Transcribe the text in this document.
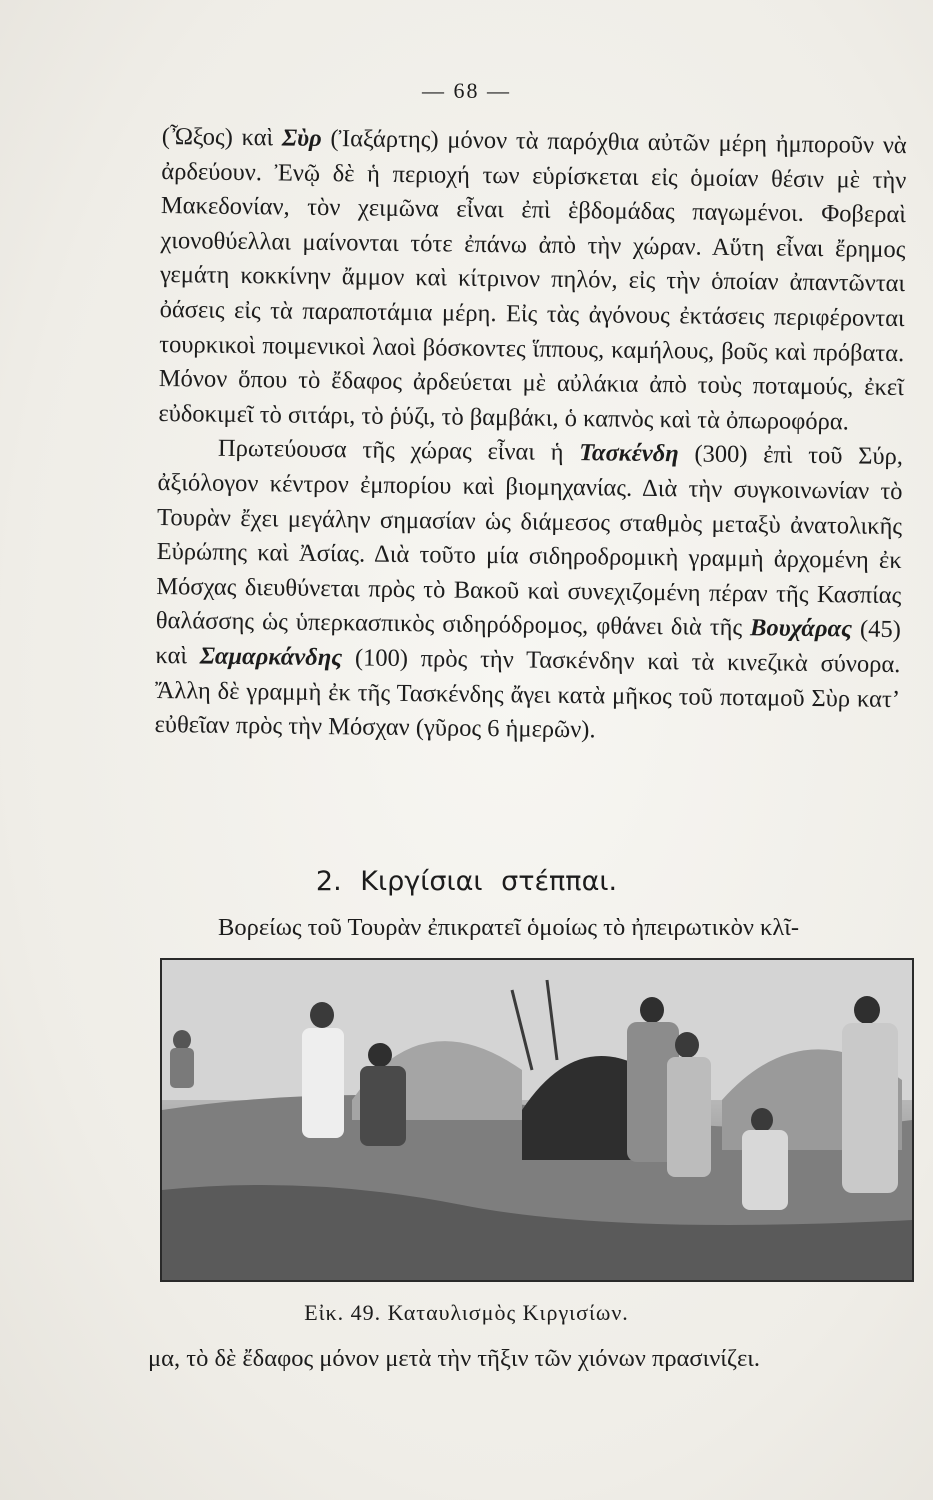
— 68 —

(Ὦξος) καὶ Σὺρ (Ἰαξάρτης) μόνον τὰ παρόχθια αὐτῶν μέρη ἠμποροῦν νὰ ἀρδεύουν. Ἐνῷ δὲ ἡ περιοχή των εὑρίσκεται εἰς ὁμοίαν θέσιν μὲ τὴν Μακεδονίαν, τὸν χειμῶνα εἶναι ἐπὶ ἑβδομάδας παγωμένοι. Φοβεραὶ χιονοθύελλαι μαίνονται τότε ἐπάνω ἀπὸ τὴν χώραν. Αὕτη εἶναι ἔρημος γεμάτη κοκκίνην ἄμμον καὶ κίτρινον πηλόν, εἰς τὴν ὁποίαν ἀπαντῶνται ὀάσεις εἰς τὰ παραποτάμια μέρη. Εἰς τὰς ἀγόνους ἐκτάσεις περιφέρονται τουρκικοὶ ποιμενικοὶ λαοὶ βόσκοντες ἵππους, καμήλους, βοῦς καὶ πρόβατα. Μόνον ὅπου τὸ ἔδαφος ἀρδεύεται μὲ αὐλάκια ἀπὸ τοὺς ποταμούς, ἐκεῖ εὐδοκιμεῖ τὸ σιτάρι, τὸ ῥύζι, τὸ βαμβάκι, ὁ καπνὸς καὶ τὰ ὀπωροφόρα.

Πρωτεύουσα τῆς χώρας εἶναι ἡ Τασκένδη (300) ἐπὶ τοῦ Σύρ, ἀξιόλογον κέντρον ἐμπορίου καὶ βιομηχανίας. Διὰ τὴν συγκοινωνίαν τὸ Τουρὰν ἔχει μεγάλην σημασίαν ὡς διάμεσος σταθμὸς μεταξὺ ἀνατολικῆς Εὐρώπης καὶ Ἀσίας. Διὰ τοῦτο μία σιδηροδρομικὴ γραμμὴ ἀρχομένη ἐκ Μόσχας διευθύνεται πρὸς τὸ Βακοῦ καὶ συνεχιζομένη πέραν τῆς Κασπίας θαλάσσης ὡς ὑπερκασπικὸς σιδηρόδρομος, φθάνει διὰ τῆς Βουχάρας (45) καὶ Σαμαρκάνδης (100) πρὸς τὴν Τασκένδην καὶ τὰ κινεζικὰ σύνορα. Ἄλλη δὲ γραμμὴ ἐκ τῆς Τασκένδης ἄγει κατὰ μῆκος τοῦ ποταμοῦ Σὺρ κατ’ εὐθεῖαν πρὸς τὴν Μόσχαν (γῦρος 6 ἡμερῶν).

2. Κιργίσιαι στέππαι.
Βορείως τοῦ Τουρὰν ἐπικρατεῖ ὁμοίως τὸ ἠπειρωτικὸν κλῖ-
Εἰκ. 49. Καταυλισμὸς Κιργισίων.
μα, τὸ δὲ ἔδαφος μόνον μετὰ τὴν τῆξιν τῶν χιόνων πρασινίζει.
